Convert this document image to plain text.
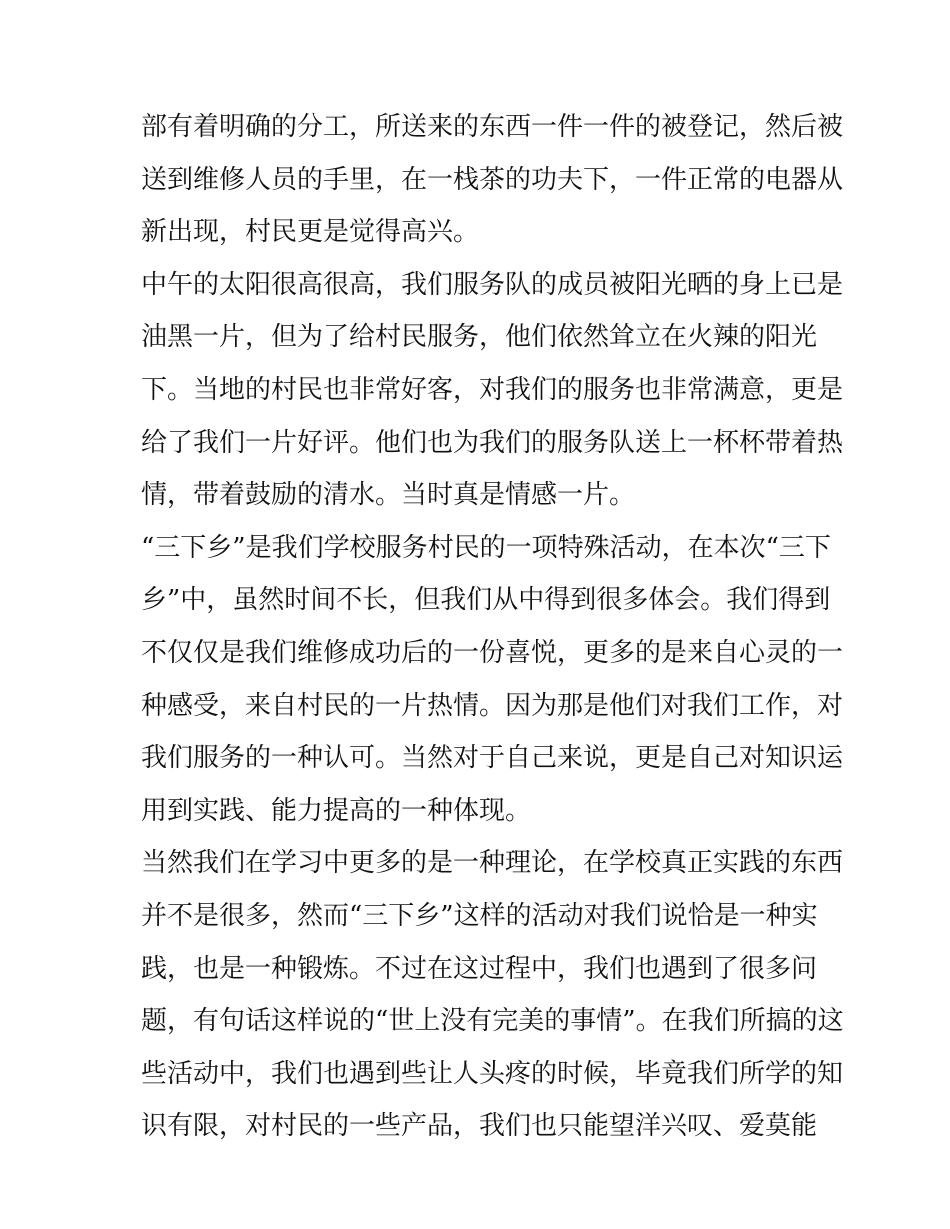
部有着明确的分工，所送来的东西一件一件的被登记，然后被
送到维修人员的手里，在一栈茶的功夫下，一件正常的电器从
新出现，村民更是觉得高兴。
中午的太阳很高很高，我们服务队的成员被阳光晒的身上已是
油黑一片，但为了给村民服务，他们依然耸立在火辣的阳光
下。当地的村民也非常好客，对我们的服务也非常满意，更是
给了我们一片好评。他们也为我们的服务队送上一杯杯带着热
情，带着鼓励的清水。当时真是情感一片。
“三下乡”是我们学校服务村民的一项特殊活动，在本次“三下
乡”中，虽然时间不长，但我们从中得到很多体会。我们得到
不仅仅是我们维修成功后的一份喜悦，更多的是来自心灵的一
种感受，来自村民的一片热情。因为那是他们对我们工作，对
我们服务的一种认可。当然对于自己来说，更是自己对知识运
用到实践、能力提高的一种体现。
当然我们在学习中更多的是一种理论，在学校真正实践的东西
并不是很多，然而“三下乡”这样的活动对我们说恰是一种实
践，也是一种锻炼。不过在这过程中，我们也遇到了很多问
题，有句话这样说的“世上没有完美的事情”。在我们所搞的这
些活动中，我们也遇到些让人头疼的时候，毕竟我们所学的知
识有限，对村民的一些产品，我们也只能望洋兴叹、爱莫能
